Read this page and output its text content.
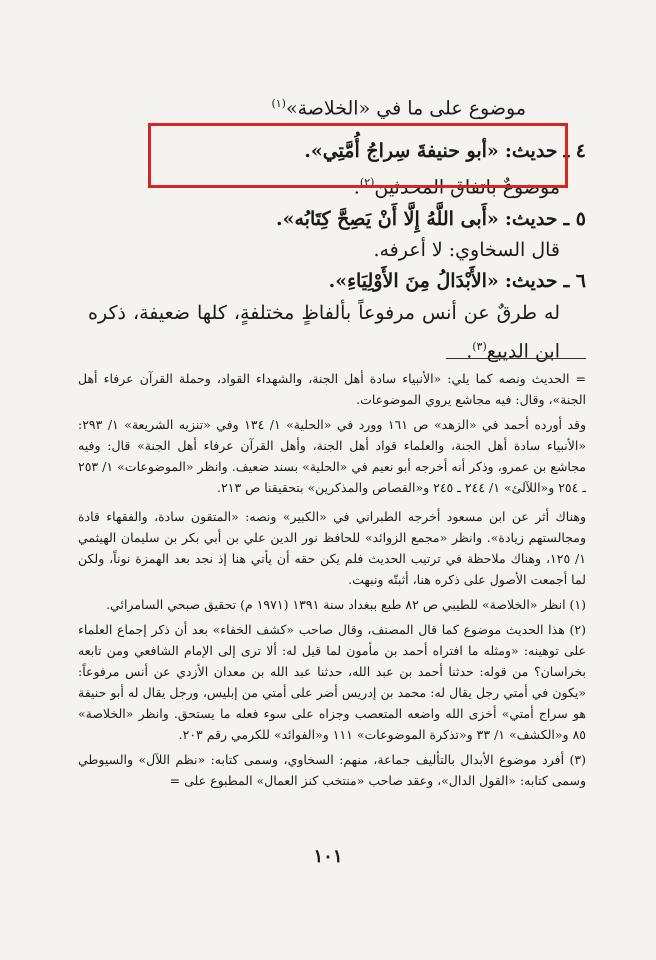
موضوع على ما في «الخلاصة»$^{(١)}$
٤ ـ حديث: «أبو حنيفةَ سِراجُ أُمَّتِي».
موضوعٌ باتفاق المحدثين$^{(٢)}$.
٥ ـ حديث: «أَبى اللَّهُ إِلَّا أَنْ يَصِحَّ كِتَابُه».
قال السخاوي: لا أعرفه.
٦ ـ حديث: «الأَبْدَالُ مِنَ الأَوْلِيَاءِ».
له طرقٌ عن أنس مرفوعاً بألفاظٍ مختلفةٍ، كلها ضعيفة، ذكره ابن الديبع$^{(٣)}$.

= الحديث ونصه كما يلي: «الأنبياء سادة أهل الجنة، والشهداء القواد، وحملة القرآن عرفاء أهل الجنة»، وقال: فيه مجاشع يروي الموضوعات.

وقد أورده أحمد في «الزهد» ص ١٦١ وورد في «الحلية» ١/ ١٣٤ وفي «تنزيه الشريعة» ١/ ٢٩٣: «الأنبياء سادة أهل الجنة، والعلماء قواد أهل الجنة، وأهل القرآن عرفاء أهل الجنة» قال: وفيه مجاشع بن عمرو، وذكر أنه أخرجه أبو نعيم في «الحلية» بسند ضعيف. وانظر «الموضوعات» ١/ ٢٥٣ ـ ٢٥٤ و«اللآلئ» ١/ ٢٤٤ ـ ٢٤٥ و«القصاص والمذكرين» بتحقيقنا ص ٢١٣.

وهناك أثر عن ابن مسعود أخرجه الطبراني في «الكبير» ونصه: «المتقون سادة، والفقهاء قادة ومجالستهم زيادة». وانظر «مجمع الزوائد» للحافظ نور الدين علي بن أبي بكر بن سليمان الهيثمي ١/ ١٢٥، وهناك ملاحظة في ترتيب الحديث فلم يكن حقه أن يأتي هنا إذ نجد بعد الهمزة نوناً، ولكن لما أجمعت الأصول على ذكره هنا، أثبتّه ونبهت.

(١) انظر «الخلاصة» للطيبي ص ٨٢ طبع ببغداد سنة ١٣٩١ (١٩٧١ م) تحقيق صبحي السامرائي.

(٢) هذا الحديث موضوع كما قال المصنف، وقال صاحب «كشف الخفاء» بعد أن ذكر إجماع العلماء على توهينه: «ومثله ما افتراه أحمد بن مأمون لما قيل له: ألا ترى إلى الإمام الشافعي ومن تابعه بخراسان؟ من قوله: حدثنا أحمد بن عبد الله، حدثنا عبد الله بن معدان الأزدي عن أنس مرفوعاً: «يكون في أمتي رجل يقال له: محمد بن إدريس أضر على أمتي من إبليس، ورجل يقال له أبو حنيفة هو سراج أمتي» أخزى الله واضعه المتعصب وجزاه على سوء فعله ما يستحق. وانظر «الخلاصة» ٨٥ و«الكشف» ١/ ٣٣ و«تذكرة الموضوعات» ١١١ و«الفوائد» للكرمي رقم ٢٠٣.

(٣) أفرد موضوع الأبدال بالتأليف جماعة، منهم: السخاوي، وسمى كتابه: «نظم اللآل» والسيوطي وسمى كتابه: «القول الدال»، وعقد صاحب «منتخب كنز العمال» المطبوع على =

١٠١
